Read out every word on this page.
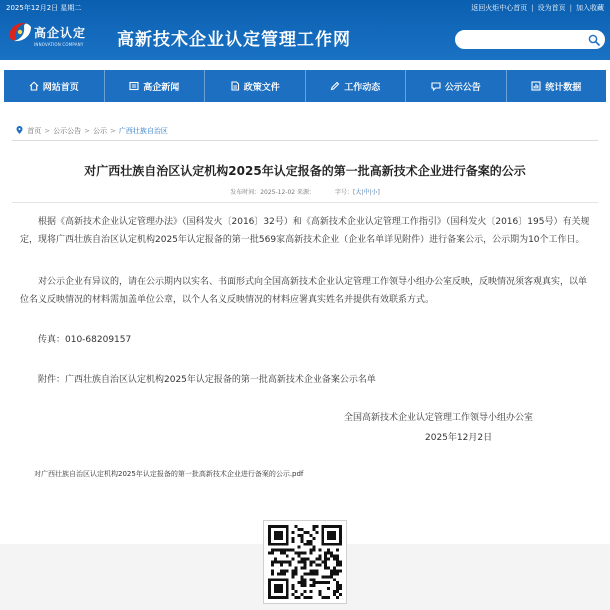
2025年12月2日 星期二	返回火炬中心首页 | 设为首页 | 加入收藏
高企认定
INNOVATION COMPANY 高新技术企业认定管理工作网
网站首页	高企新闻	政策文件	工作动态	公示公告	统计数据
首页 > 公示公告 > 公示 > 广西壮族自治区
对广西壮族自治区认定机构2025年认定报备的第一批高新技术企业进行备案的公示
发布时间：2025-12-02 来源：	字号：[大|中|小]
根据《高新技术企业认定管理办法》（国科发火〔2016〕32号）和《高新技术企业认定管理工作指引》（国科发火〔2016〕195号）有关规定，现将广西壮族自治区认定机构2025年认定报备的第一批569家高新技术企业（企业名单详见附件）进行备案公示，公示期为10个工作日。
对公示企业有异议的，请在公示期内以实名、书面形式向全国高新技术企业认定管理工作领导小组办公室反映，反映情况须客观真实，以单位名义反映情况的材料需加盖单位公章，以个人名义反映情况的材料应署真实姓名并提供有效联系方式。
传真：010-68209157
附件：广西壮族自治区认定机构2025年认定报备的第一批高新技术企业备案公示名单
全国高新技术企业认定管理工作领导小组办公室
2025年12月2日
对广西壮族自治区认定机构2025年认定报备的第一批高新技术企业进行备案的公示.pdf
